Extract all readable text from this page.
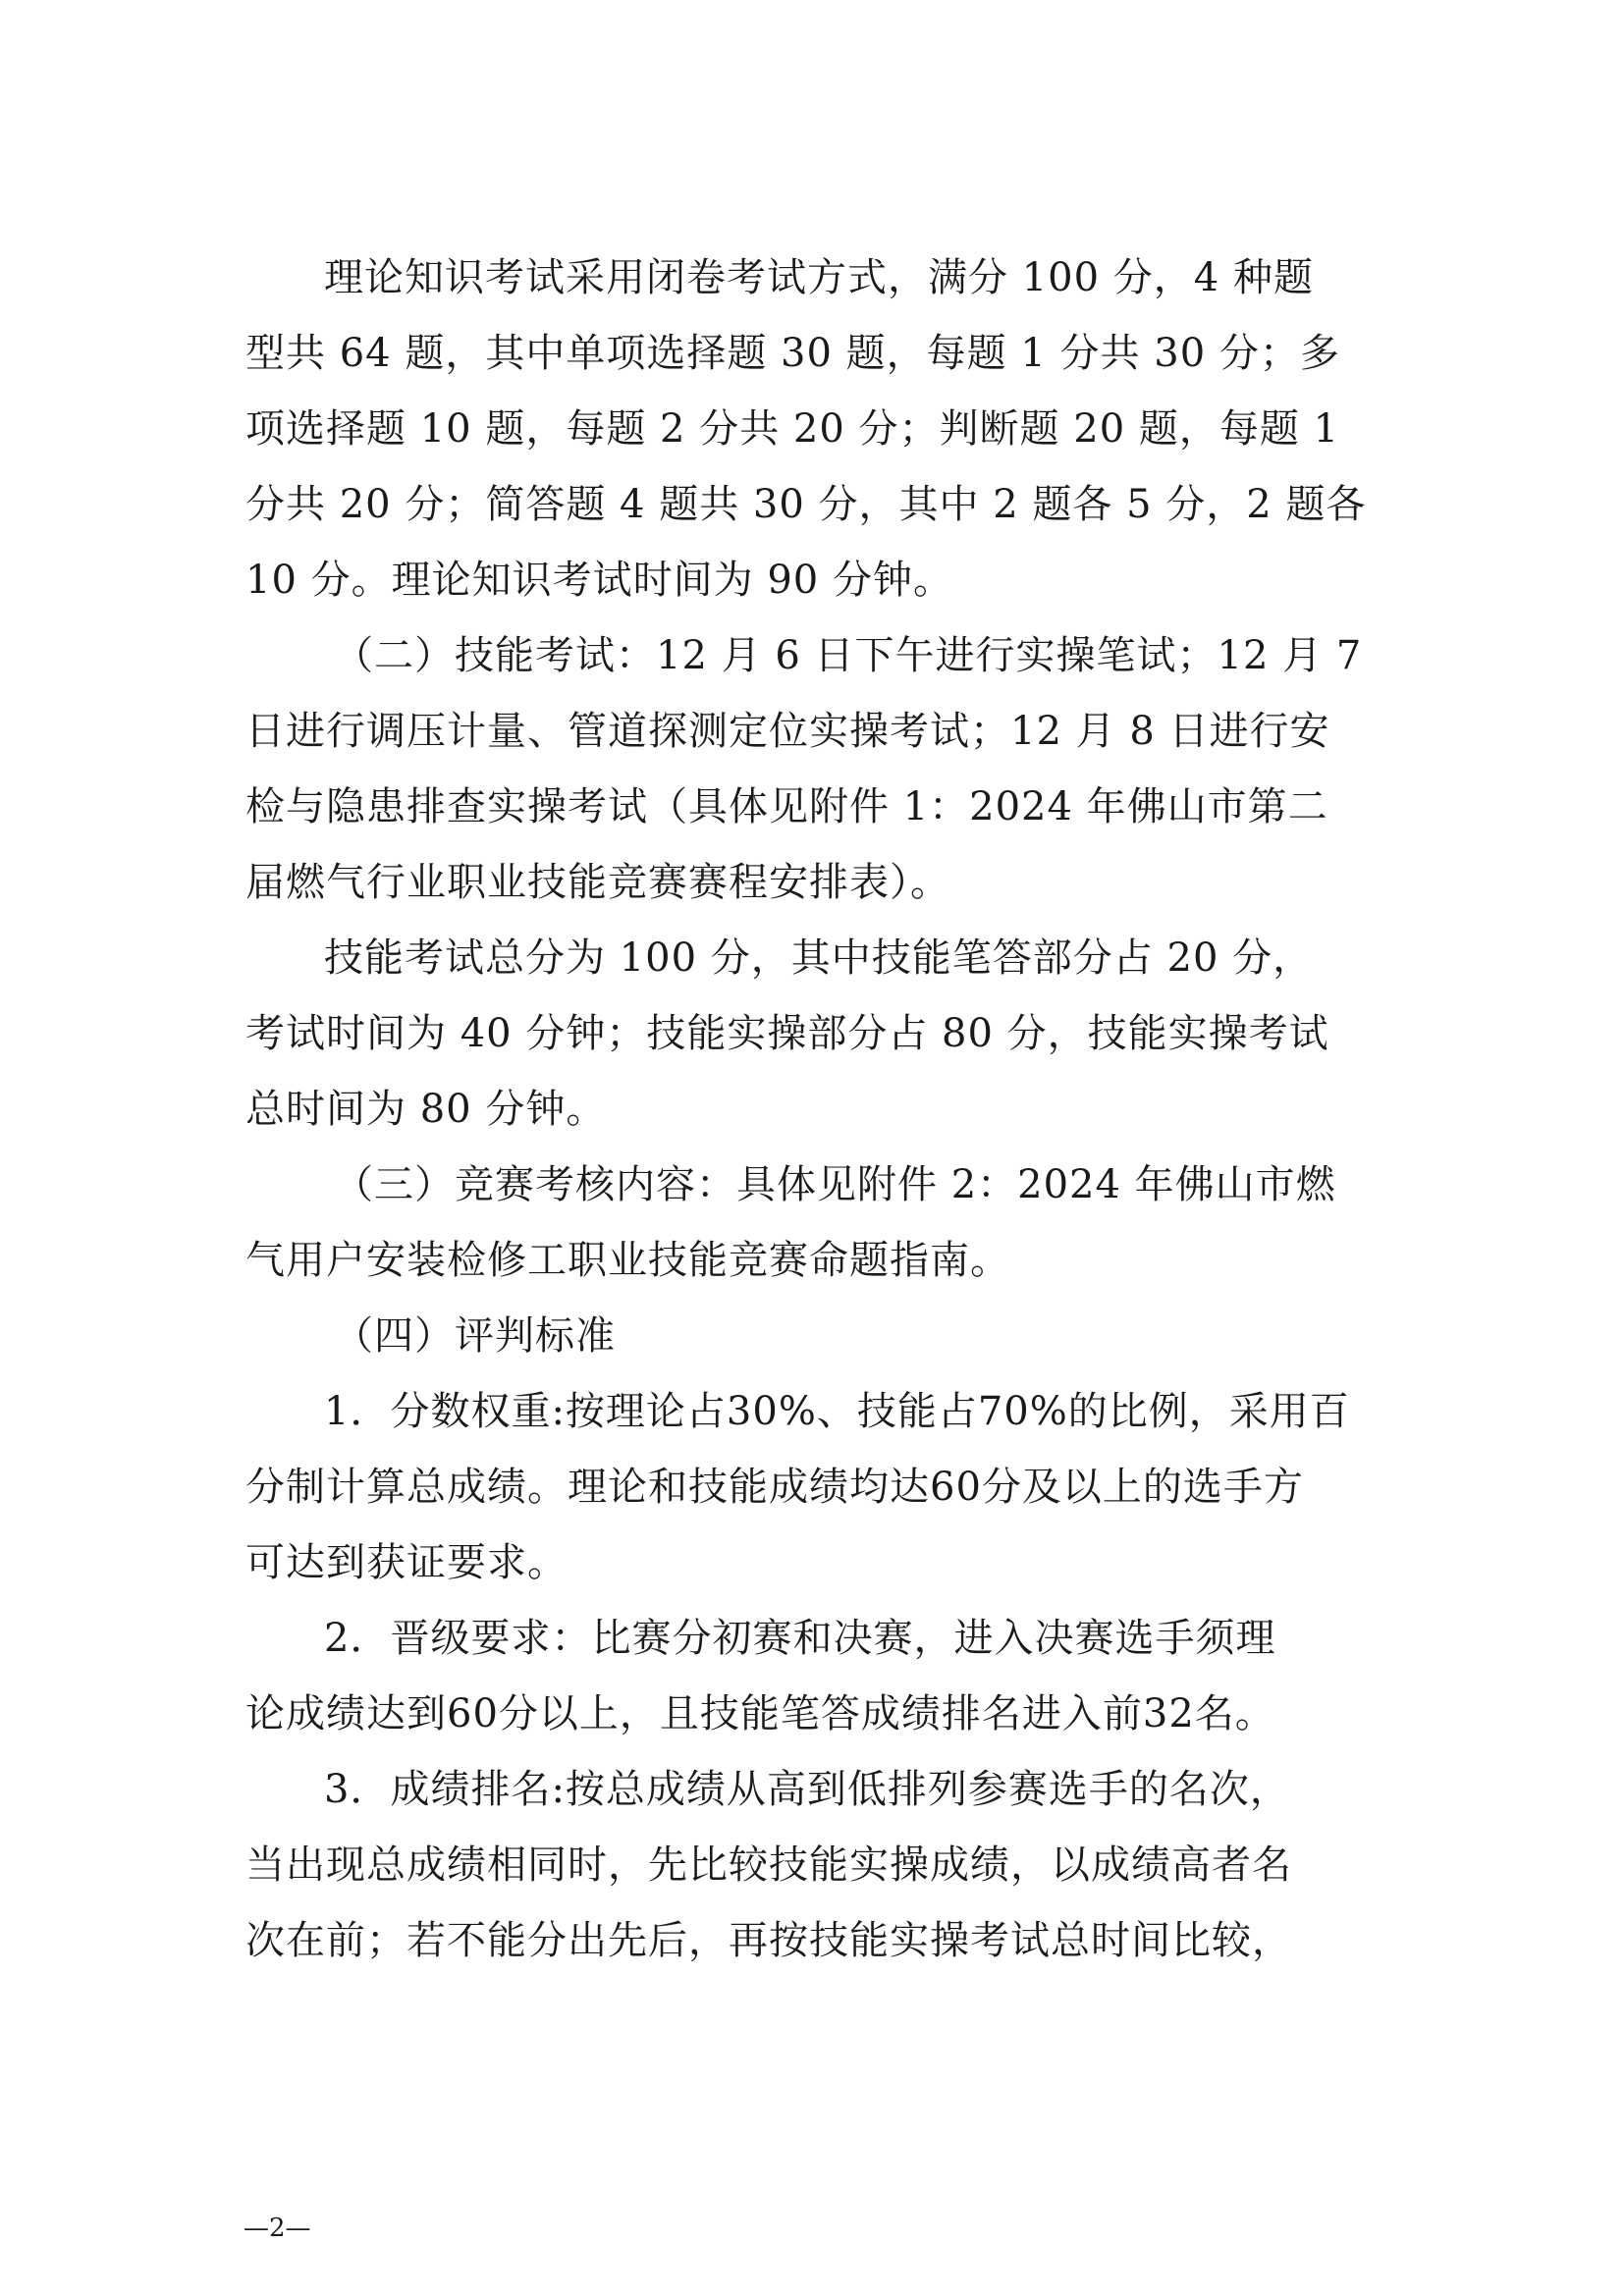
理论知识考试采用闭卷考试方式，满分 100 分，4 种题
型共 64 题，其中单项选择题 30 题，每题 1 分共 30 分；多
项选择题 10 题，每题 2 分共 20 分；判断题 20 题，每题 1
分共 20 分；简答题 4 题共 30 分，其中 2 题各 5 分，2 题各
10 分。理论知识考试时间为 90 分钟。
（二）技能考试：12 月 6 日下午进行实操笔试；12 月 7
日进行调压计量、管道探测定位实操考试；12 月 8 日进行安
检与隐患排查实操考试（具体见附件 1：2024 年佛山市第二
届燃气行业职业技能竞赛赛程安排表）。
技能考试总分为 100 分，其中技能笔答部分占 20 分，
考试时间为 40 分钟；技能实操部分占 80 分，技能实操考试
总时间为 80 分钟。
（三）竞赛考核内容：具体见附件 2：2024 年佛山市燃
气用户安装检修工职业技能竞赛命题指南。
（四）评判标准
1．分数权重:按理论占30%、技能占70%的比例，采用百
分制计算总成绩。理论和技能成绩均达60分及以上的选手方
可达到获证要求。
2．晋级要求：比赛分初赛和决赛，进入决赛选手须理
论成绩达到60分以上，且技能笔答成绩排名进入前32名。
3．成绩排名:按总成绩从高到低排列参赛选手的名次，
当出现总成绩相同时，先比较技能实操成绩，以成绩高者名
次在前；若不能分出先后，再按技能实操考试总时间比较，
—2—
